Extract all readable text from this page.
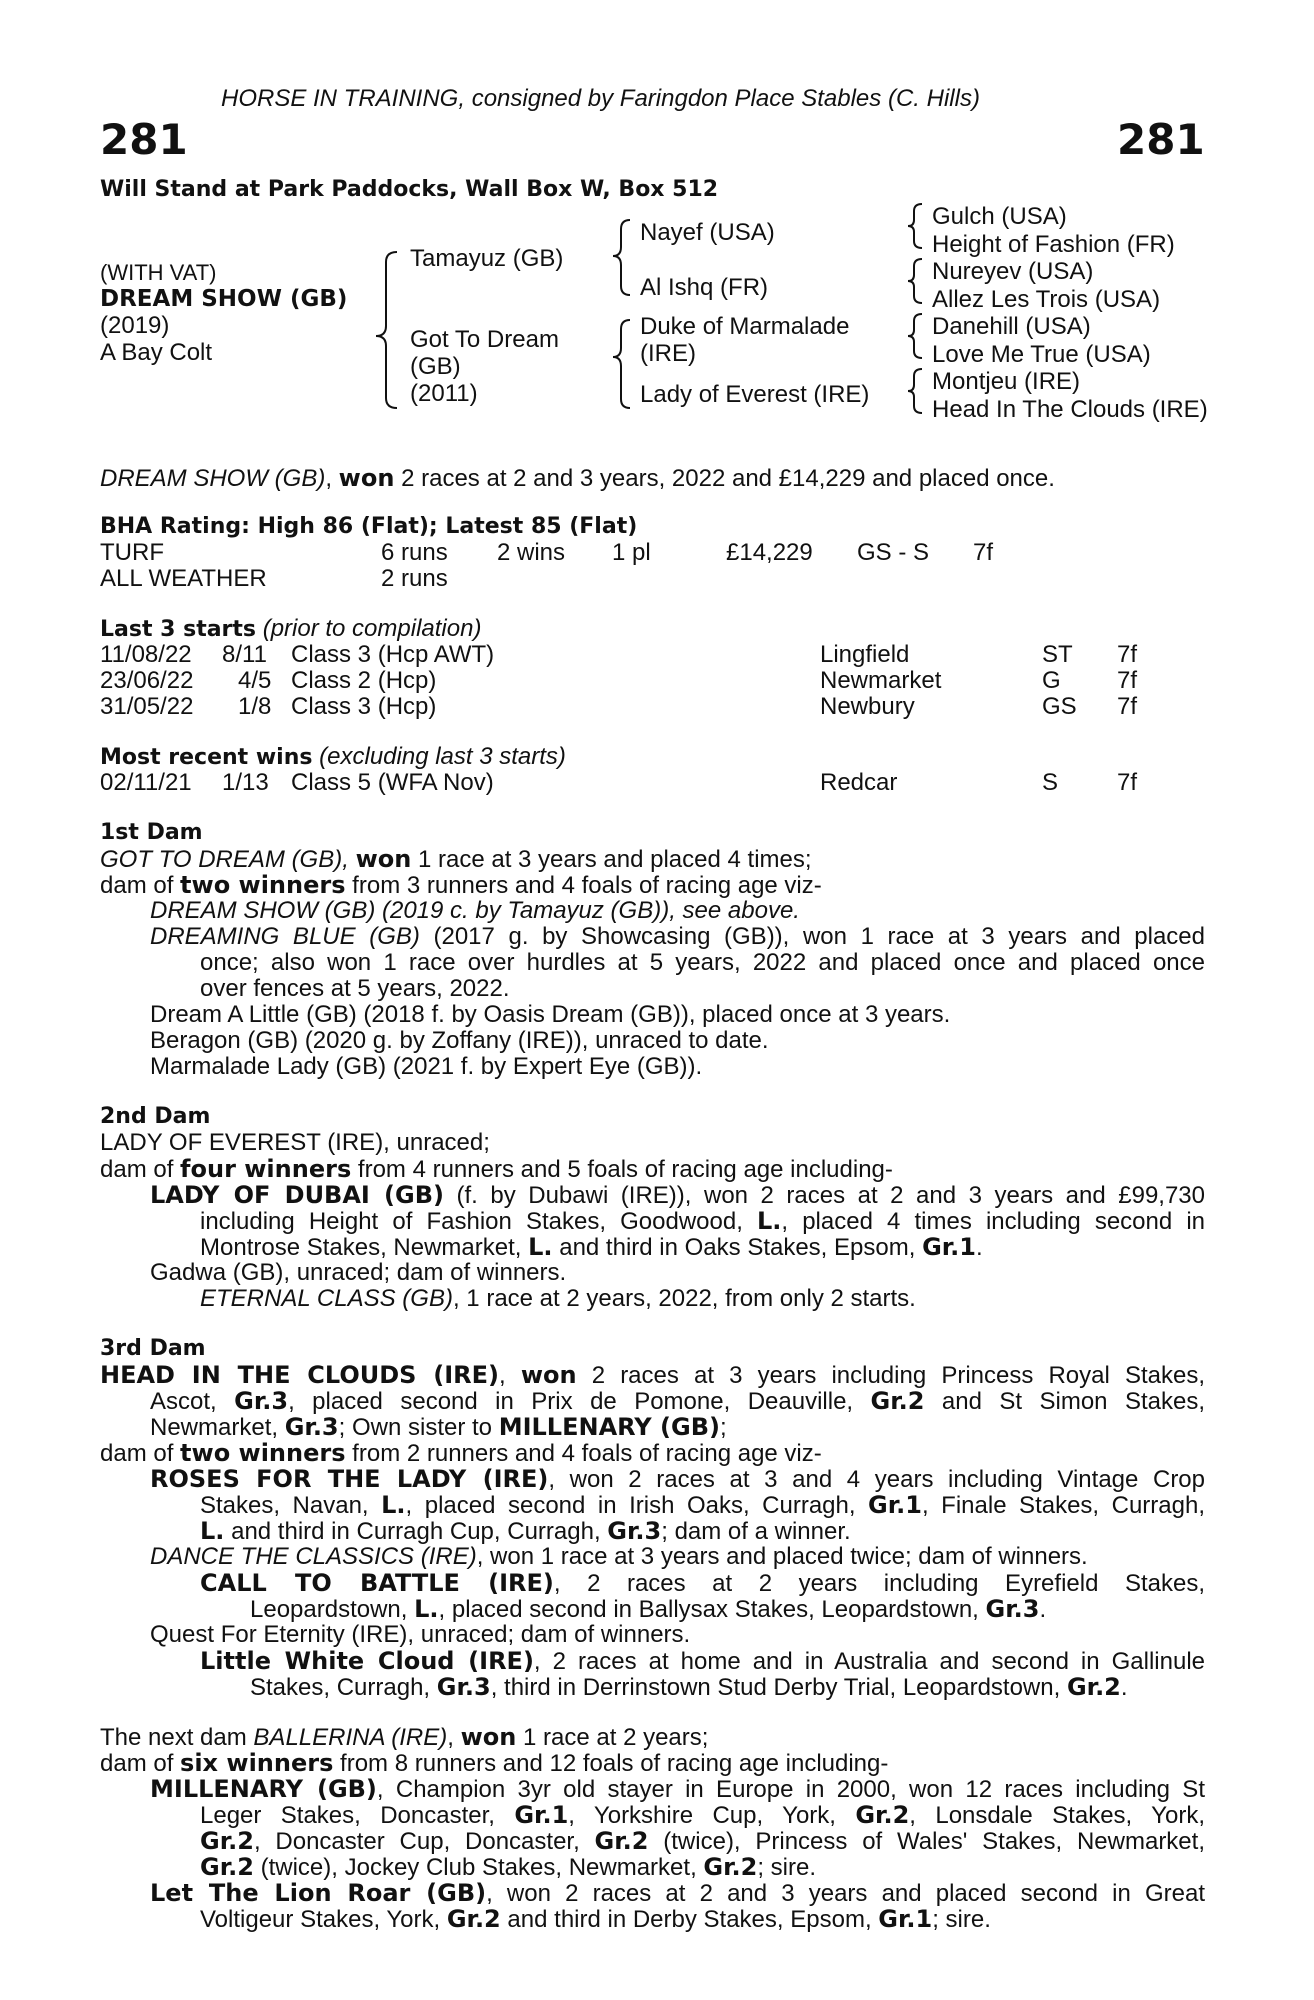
HORSE IN TRAINING, consigned by Faringdon Place Stables (C. Hills)
281	281
Will Stand at Park Paddocks, Wall Box W, Box 512
(WITH VAT)
DREAM SHOW (GB)
(2019)
A Bay Colt
Tamayuz (GB)
Got To Dream
(GB)
(2011)
Nayef (USA)
Al Ishq (FR)
Duke of Marmalade
(IRE)
Lady of Everest (IRE)
Gulch (USA)
Height of Fashion (FR)
Nureyev (USA)
Allez Les Trois (USA)
Danehill (USA)
Love Me True (USA)
Montjeu (IRE)
Head In The Clouds (IRE)
DREAM SHOW (GB), won 2 races at 2 and 3 years, 2022 and £14,229 and placed once.
BHA Rating: High 86 (Flat); Latest 85 (Flat)
TURF	6 runs 2 wins 1 pl	£14,229 GS - S 7f
ALL WEATHER	2 runs
Last 3 starts (prior to compilation)
11/08/22 8/11 Class 3 (Hcp AWT)	Lingfield	ST 7f
23/06/22 4/5 Class 2 (Hcp)	Newmarket	G 7f
31/05/22 1/8 Class 3 (Hcp)	Newbury	GS 7f
Most recent wins (excluding last 3 starts)
02/11/21 1/13 Class 5 (WFA Nov)	Redcar	S 7f
1st Dam
GOT TO DREAM (GB), won 1 race at 3 years and placed 4 times;
dam of two winners from 3 runners and 4 foals of racing age viz-
DREAM SHOW (GB) (2019 c. by Tamayuz (GB)), see above.
DREAMING BLUE (GB) (2017 g. by Showcasing (GB)), won 1 race at 3 years and placed
once; also won 1 race over hurdles at 5 years, 2022 and placed once and placed once
over fences at 5 years, 2022.
Dream A Little (GB) (2018 f. by Oasis Dream (GB)), placed once at 3 years.
Beragon (GB) (2020 g. by Zoffany (IRE)), unraced to date.
Marmalade Lady (GB) (2021 f. by Expert Eye (GB)).
2nd Dam
LADY OF EVEREST (IRE), unraced;
dam of four winners from 4 runners and 5 foals of racing age including-
LADY OF DUBAI (GB) (f. by Dubawi (IRE)), won 2 races at 2 and 3 years and £99,730
including Height of Fashion Stakes, Goodwood, L., placed 4 times including second in
Montrose Stakes, Newmarket, L. and third in Oaks Stakes, Epsom, Gr.1.
Gadwa (GB), unraced; dam of winners.
ETERNAL CLASS (GB), 1 race at 2 years, 2022, from only 2 starts.
3rd Dam
HEAD IN THE CLOUDS (IRE), won 2 races at 3 years including Princess Royal Stakes,
Ascot, Gr.3, placed second in Prix de Pomone, Deauville, Gr.2 and St Simon Stakes,
Newmarket, Gr.3; Own sister to MILLENARY (GB);
dam of two winners from 2 runners and 4 foals of racing age viz-
ROSES FOR THE LADY (IRE), won 2 races at 3 and 4 years including Vintage Crop
Stakes, Navan, L., placed second in Irish Oaks, Curragh, Gr.1, Finale Stakes, Curragh,
L. and third in Curragh Cup, Curragh, Gr.3; dam of a winner.
DANCE THE CLASSICS (IRE), won 1 race at 3 years and placed twice; dam of winners.
CALL TO BATTLE (IRE), 2 races at 2 years including Eyrefield Stakes,
Leopardstown, L., placed second in Ballysax Stakes, Leopardstown, Gr.3.
Quest For Eternity (IRE), unraced; dam of winners.
Little White Cloud (IRE), 2 races at home and in Australia and second in Gallinule
Stakes, Curragh, Gr.3, third in Derrinstown Stud Derby Trial, Leopardstown, Gr.2.
The next dam BALLERINA (IRE), won 1 race at 2 years;
dam of six winners from 8 runners and 12 foals of racing age including-
MILLENARY (GB), Champion 3yr old stayer in Europe in 2000, won 12 races including St
Leger Stakes, Doncaster, Gr.1, Yorkshire Cup, York, Gr.2, Lonsdale Stakes, York,
Gr.2, Doncaster Cup, Doncaster, Gr.2 (twice), Princess of Wales' Stakes, Newmarket,
Gr.2 (twice), Jockey Club Stakes, Newmarket, Gr.2; sire.
Let The Lion Roar (GB), won 2 races at 2 and 3 years and placed second in Great
Voltigeur Stakes, York, Gr.2 and third in Derby Stakes, Epsom, Gr.1; sire.
